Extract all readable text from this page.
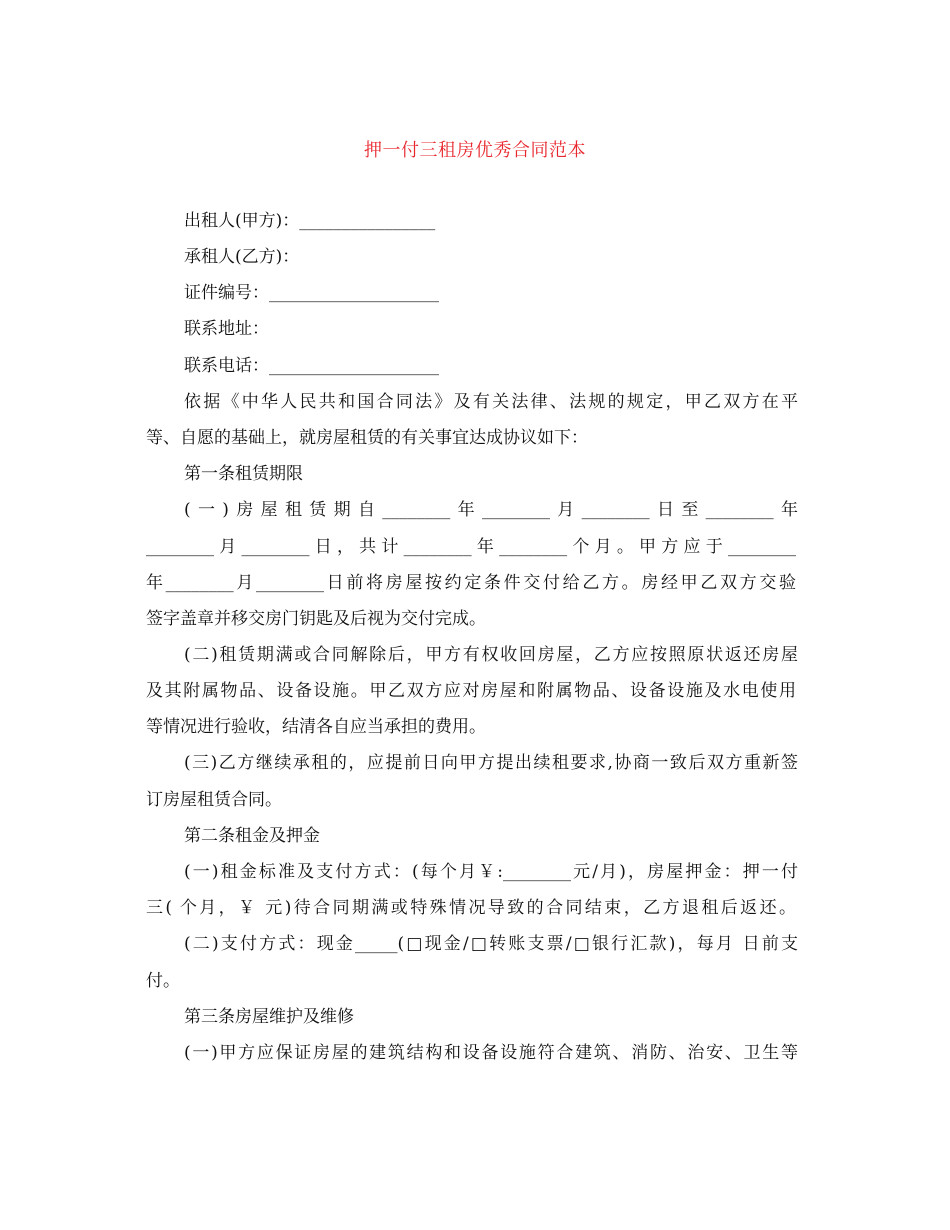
押一付三租房优秀合同范本
出租人(甲方)：________________
承租人(乙方)：
证件编号：____________________
联系地址：
联系电话：____________________
依据《中华人民共和国合同法》及有关法律、法规的规定，甲乙双方在平
等、自愿的基础上，就房屋租赁的有关事宜达成协议如下：
第一条租赁期限
(一)房屋租赁期自________年________月________日至________年
________月________日，共计________年________个月。甲方应于________
年________月________日前将房屋按约定条件交付给乙方。房经甲乙双方交验
签字盖章并移交房门钥匙及后视为交付完成。
(二)租赁期满或合同解除后，甲方有权收回房屋，乙方应按照原状返还房屋
及其附属物品、设备设施。甲乙双方应对房屋和附属物品、设备设施及水电使用
等情况进行验收，结清各自应当承担的费用。
(三)乙方继续承租的，应提前日向甲方提出续租要求,协商一致后双方重新签
订房屋租赁合同。
第二条租金及押金
(一)租金标准及支付方式：(每个月￥:________元/月)，房屋押金：押一付
三( 个月，￥ 元)待合同期满或特殊情况导致的合同结束，乙方退租后返还。
(二)支付方式：现金_____(□现金/□转账支票/□银行汇款)，每月 日前支
付。
第三条房屋维护及维修
(一)甲方应保证房屋的建筑结构和设备设施符合建筑、消防、治安、卫生等
